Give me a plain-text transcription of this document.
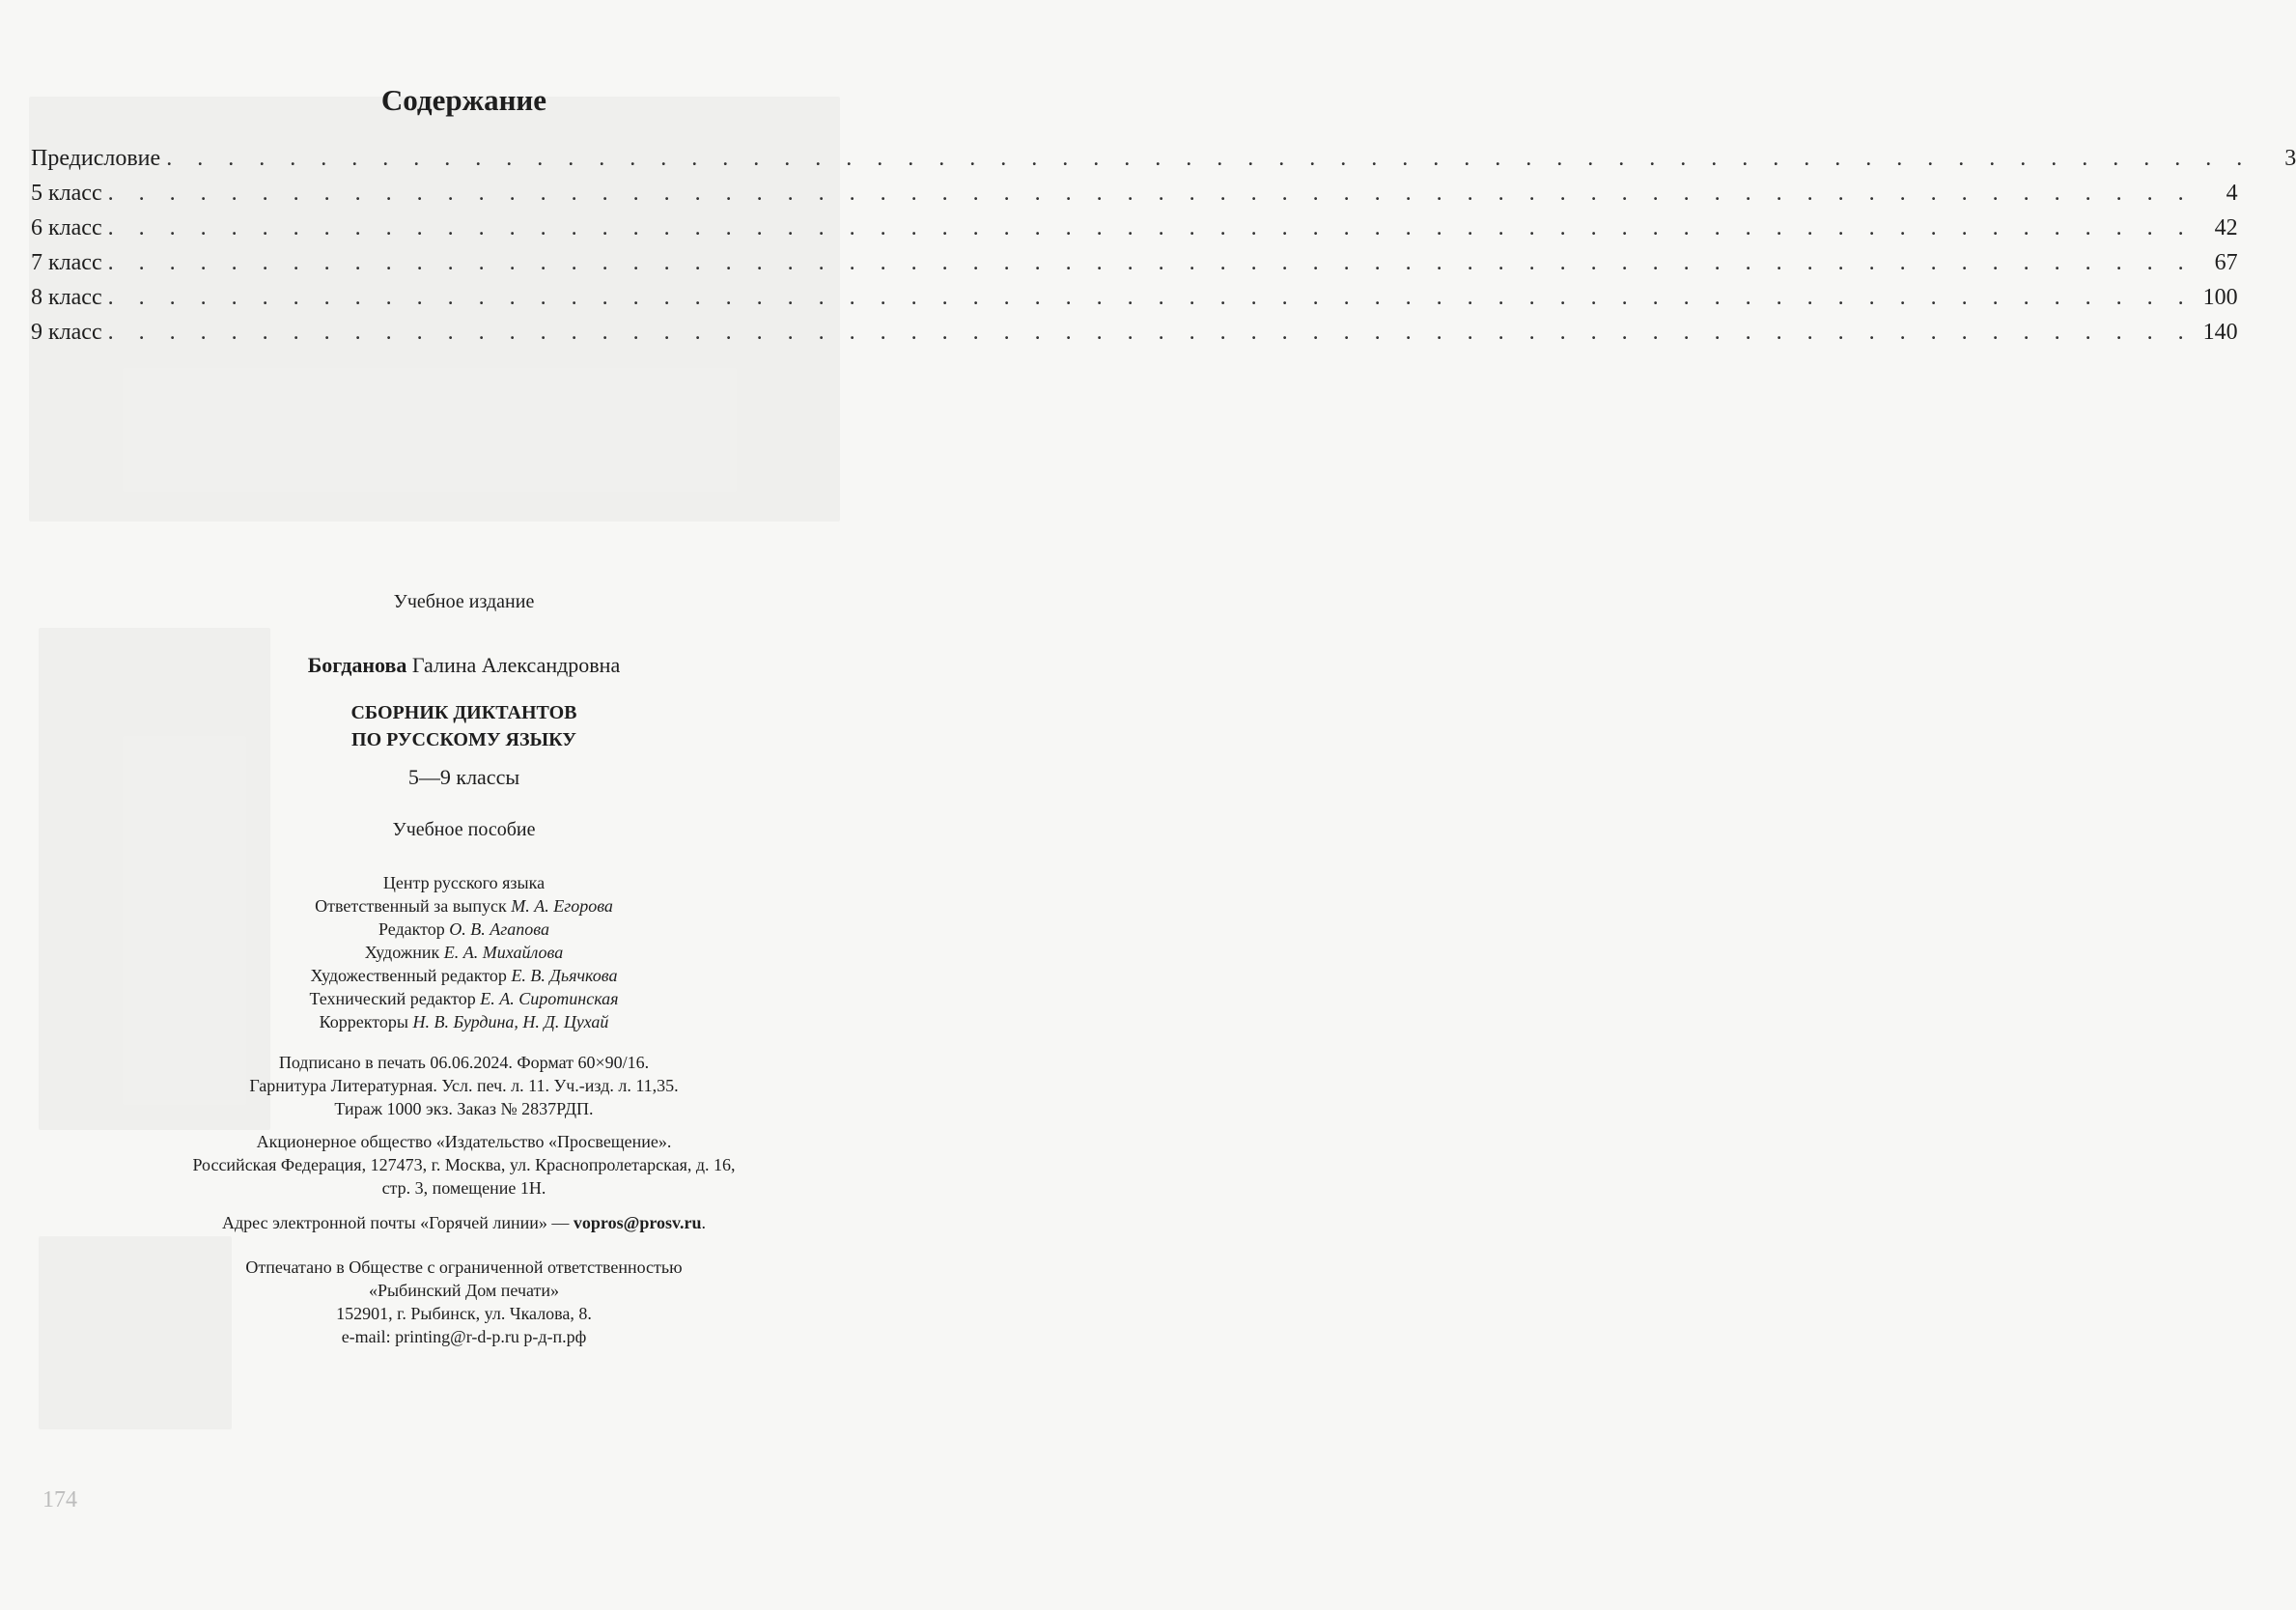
Содержание
Предисловие . . . . . . . . . . . . . . . . . . . . . . . . . . . . . . . . . . . . . . . . . . . . . . . . . . . . . . . . . . . . . . . . . . . .	3
5 класс . . . . . . . . . . . . . . . . . . . . . . . . . . . . . . . . . . . . . . . . . . . . . . . . . . . . . . . . . . . . . . . . . . . .	4
6 класс . . . . . . . . . . . . . . . . . . . . . . . . . . . . . . . . . . . . . . . . . . . . . . . . . . . . . . . . . . . . . . . . . . . . 42
7 класс . . . . . . . . . . . . . . . . . . . . . . . . . . . . . . . . . . . . . . . . . . . . . . . . . . . . . . . . . . . . . . . . . . . . 67
8 класс . . . . . . . . . . . . . . . . . . . . . . . . . . . . . . . . . . . . . . . . . . . . . . . . . . . . . . . . . . . . . . . . . . . . 100
9 класс . . . . . . . . . . . . . . . . . . . . . . . . . . . . . . . . . . . . . . . . . . . . . . . . . . . . . . . . . . . . . . . . . . . . 140
Учебное издание
Богданова Галина Александровна
СБОРНИК ДИКТАНТОВ
ПО РУССКОМУ ЯЗЫКУ
5—9 классы
Учебное пособие
Центр русского языка
Ответственный за выпуск М. А. Егорова
Редактор О. В. Агапова
Художник Е. А. Михайлова
Художественный редактор Е. В. Дьячкова
Технический редактор Е. А. Сиротинская
Корректоры Н. В. Бурдина, Н. Д. Цухай
Подписано в печать 06.06.2024. Формат 60×90/16.
Гарнитура Литературная. Усл. печ. л. 11. Уч.-изд. л. 11,35.
Тираж 1000 экз. Заказ № 2837РДП.
Акционерное общество «Издательство «Просвещение».
Российская Федерация, 127473, г. Москва, ул. Краснопролетарская, д. 16,
стр. 3, помещение 1Н.
Адрес электронной почты «Горячей линии» — vopros@prosv.ru.
Отпечатано в Обществе с ограниченной ответственностью
«Рыбинский Дом печати»
152901, г. Рыбинск, ул. Чкалова, 8.
e-mail: printing@r-d-p.ru р-д-п.рф
174
